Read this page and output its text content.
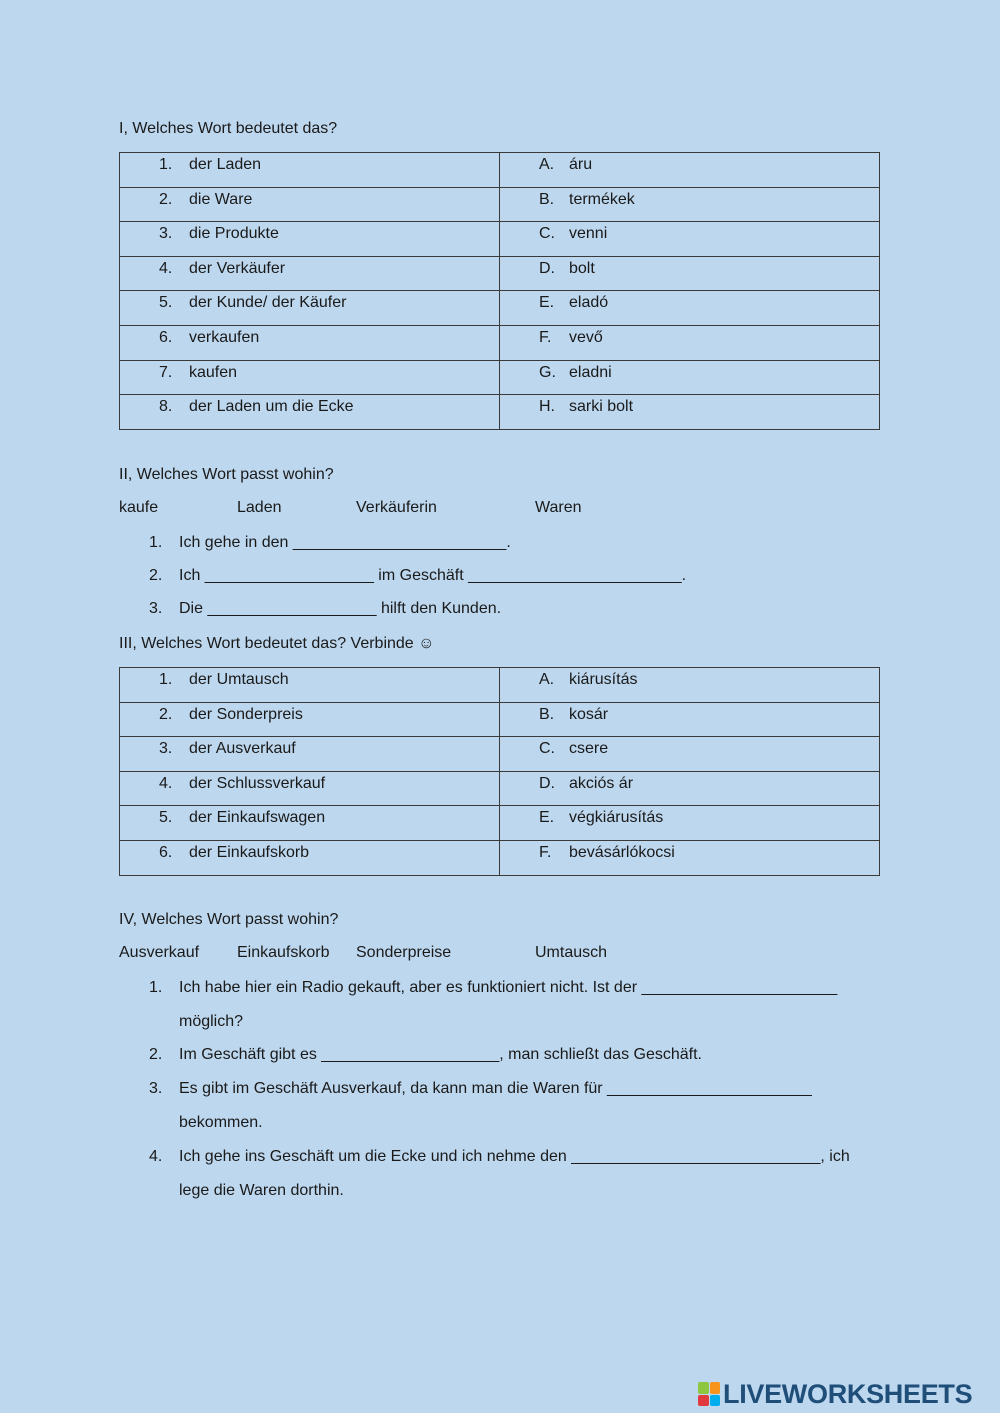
I, Welches Wort bedeutet das?
1. der Laden	A. áru

2. die Ware	B. termékek

3. die Produkte	C. venni

4. der Verkäufer	D. bolt

5. der Kunde/ der Käufer	E. eladó

6. verkaufen	F. vevő

7. kaufen	G. eladni

8. der Laden um die Ecke	H. sarki bolt
II, Welches Wort passt wohin?
kaufe	Laden	Verkäuferin	Waren
1. Ich gehe in den ________________________.
2. Ich ___________________ im Geschäft ________________________.
3. Die ___________________ hilft den Kunden.
III, Welches Wort bedeutet das? Verbinde ☺
1. der Umtausch	A. kiárusítás

2. der Sonderpreis	B. kosár

3. der Ausverkauf	C. csere

4. der Schlussverkauf	D. akciós ár

5. der Einkaufswagen	E. végkiárusítás

6. der Einkaufskorb	F. bevásárlókocsi
IV, Welches Wort passt wohin?
Ausverkauf Einkaufskorb Sonderpreise	Umtausch
1. Ich habe hier ein Radio gekauft, aber es funktioniert nicht. Ist der ______________________
möglich?
2. Im Geschäft gibt es ____________________, man schließt das Geschäft.
3. Es gibt im Geschäft Ausverkauf, da kann man die Waren für _______________________
bekommen.
4. Ich gehe ins Geschäft um die Ecke und ich nehme den ____________________________, ich
lege die Waren dorthin.
LIVEWORKSHEETS
